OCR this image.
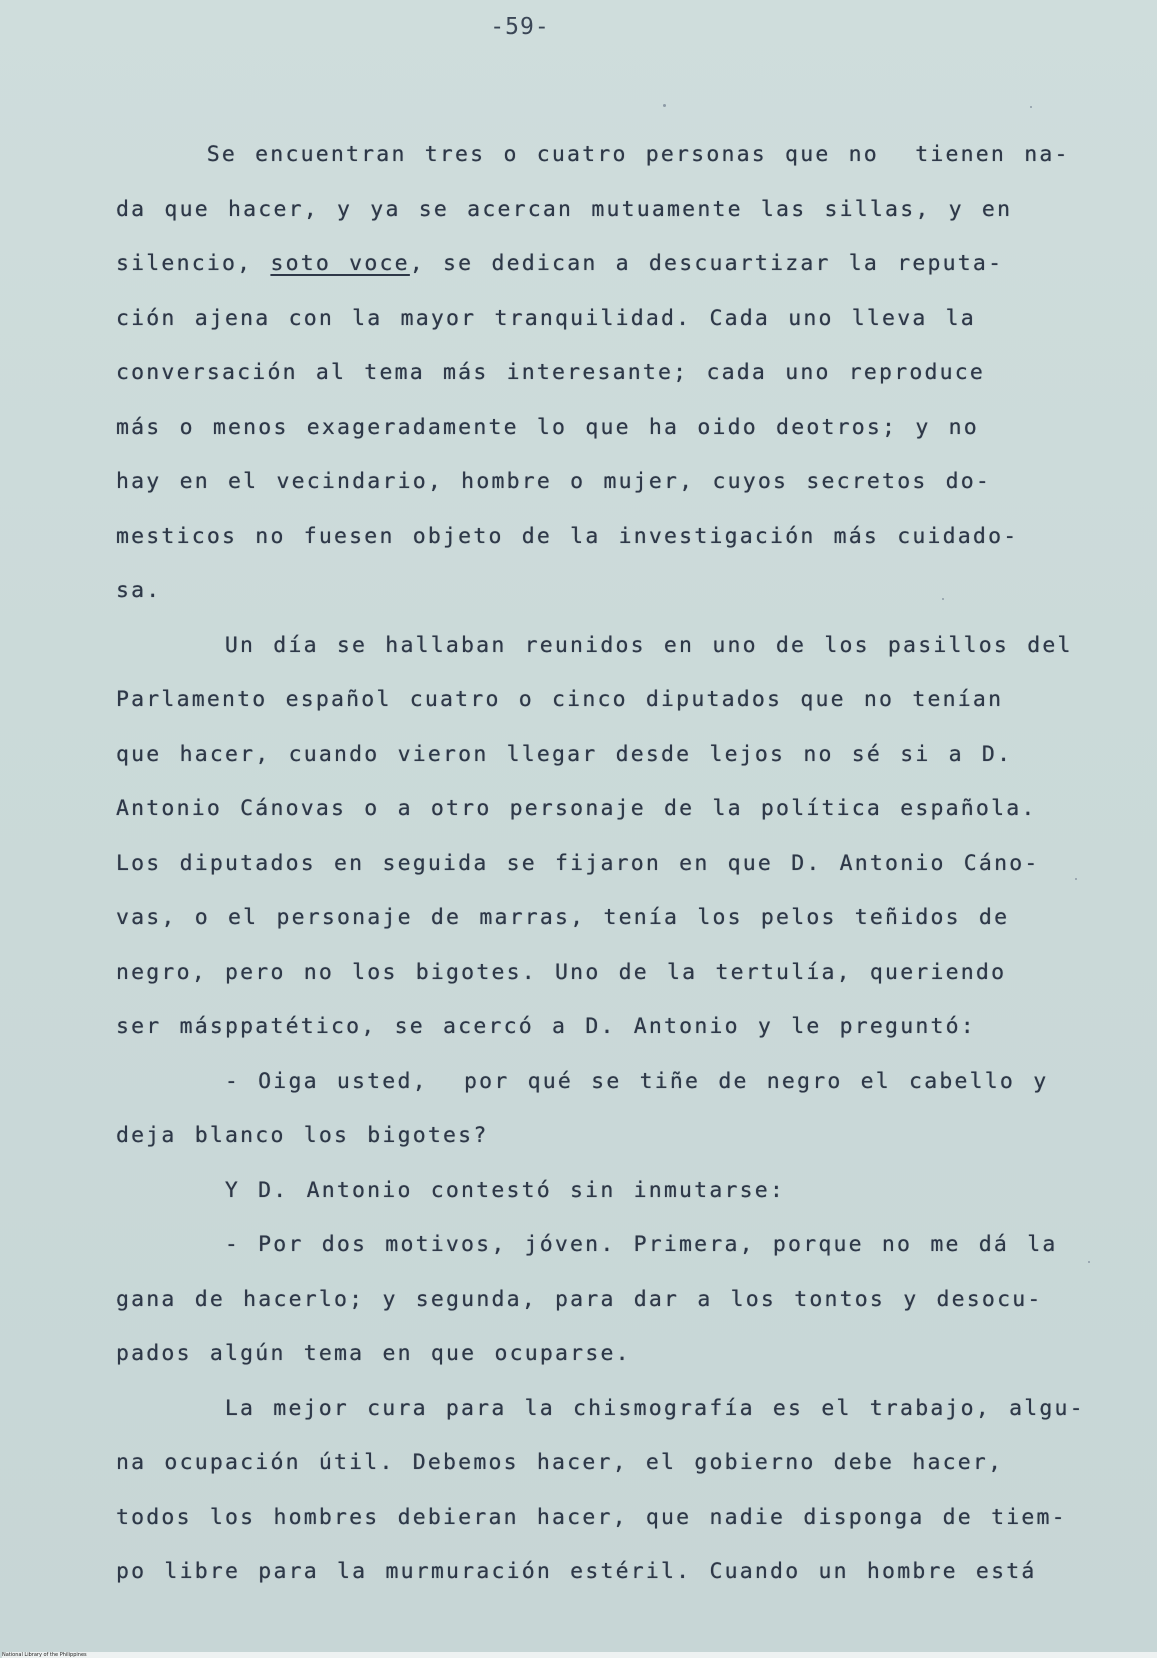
-59-
Se encuentran tres o cuatro personas que no  tienen na-
da que hacer, y ya se acercan mutuamente las sillas, y en
silencio, soto voce, se dedican a descuartizar la reputa-
ción ajena con la mayor tranquilidad. Cada uno lleva la
conversación al tema más interesante; cada uno reproduce
más o menos exageradamente lo que ha oido deotros; y no
hay en el vecindario, hombre o mujer, cuyos secretos do-
mesticos no fuesen objeto de la investigación más cuidado-
sa.
Un día se hallaban reunidos en uno de los pasillos del
Parlamento español cuatro o cinco diputados que no tenían
que hacer, cuando vieron llegar desde lejos no sé si a D.
Antonio Cánovas o a otro personaje de la política española.
Los diputados en seguida se fijaron en que D. Antonio Cáno-
vas, o el personaje de marras, tenía los pelos teñidos de
negro, pero no los bigotes. Uno de la tertulía, queriendo
ser másppatético, se acercó a D. Antonio y le preguntó:
- Oiga usted,  por qué se tiñe de negro el cabello y
deja blanco los bigotes?
Y D. Antonio contestó sin inmutarse:
- Por dos motivos, jóven. Primera, porque no me dá la
gana de hacerlo; y segunda, para dar a los tontos y desocu-
pados algún tema en que ocuparse.
La mejor cura para la chismografía es el trabajo, algu-
na ocupación útil. Debemos hacer, el gobierno debe hacer,
todos los hombres debieran hacer, que nadie disponga de tiem-
po libre para la murmuración estéril. Cuando un hombre está
National Library of the Philippines
